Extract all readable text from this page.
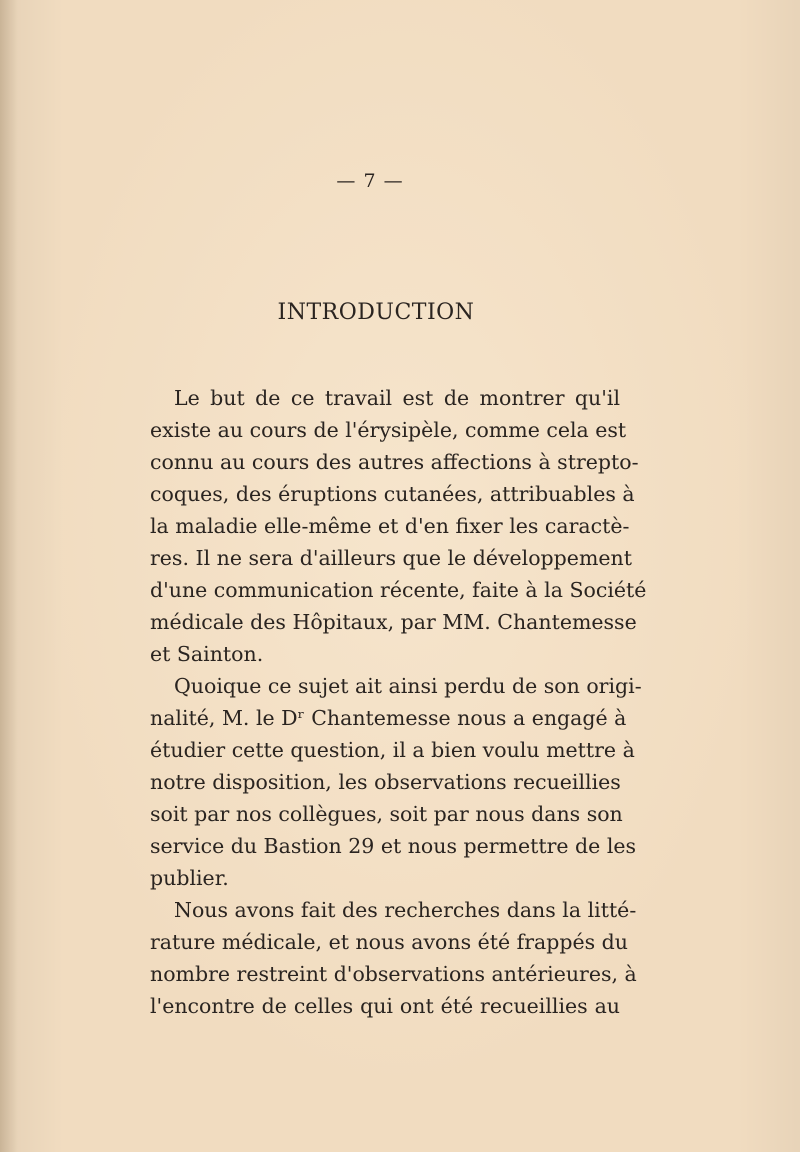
— 7 —
INTRODUCTION
Le but de ce travail est de montrer qu'il
existe au cours de l'érysipèle, comme cela est
connu au cours des autres affections à strepto-
coques, des éruptions cutanées, attribuables à
la maladie elle-même et d'en fixer les caractè-
res. Il ne sera d'ailleurs que le développement
d'une communication récente, faite à la Société
médicale des Hôpitaux, par MM. Chantemesse
et Sainton.
Quoique ce sujet ait ainsi perdu de son origi-
nalité, M. le Dʳ Chantemesse nous a engagé à
étudier cette question, il a bien voulu mettre à
notre disposition, les observations recueillies
soit par nos collègues, soit par nous dans son
service du Bastion 29 et nous permettre de les
publier.
Nous avons fait des recherches dans la litté-
rature médicale, et nous avons été frappés du
nombre restreint d'observations antérieures, à
l'encontre de celles qui ont été recueillies au
